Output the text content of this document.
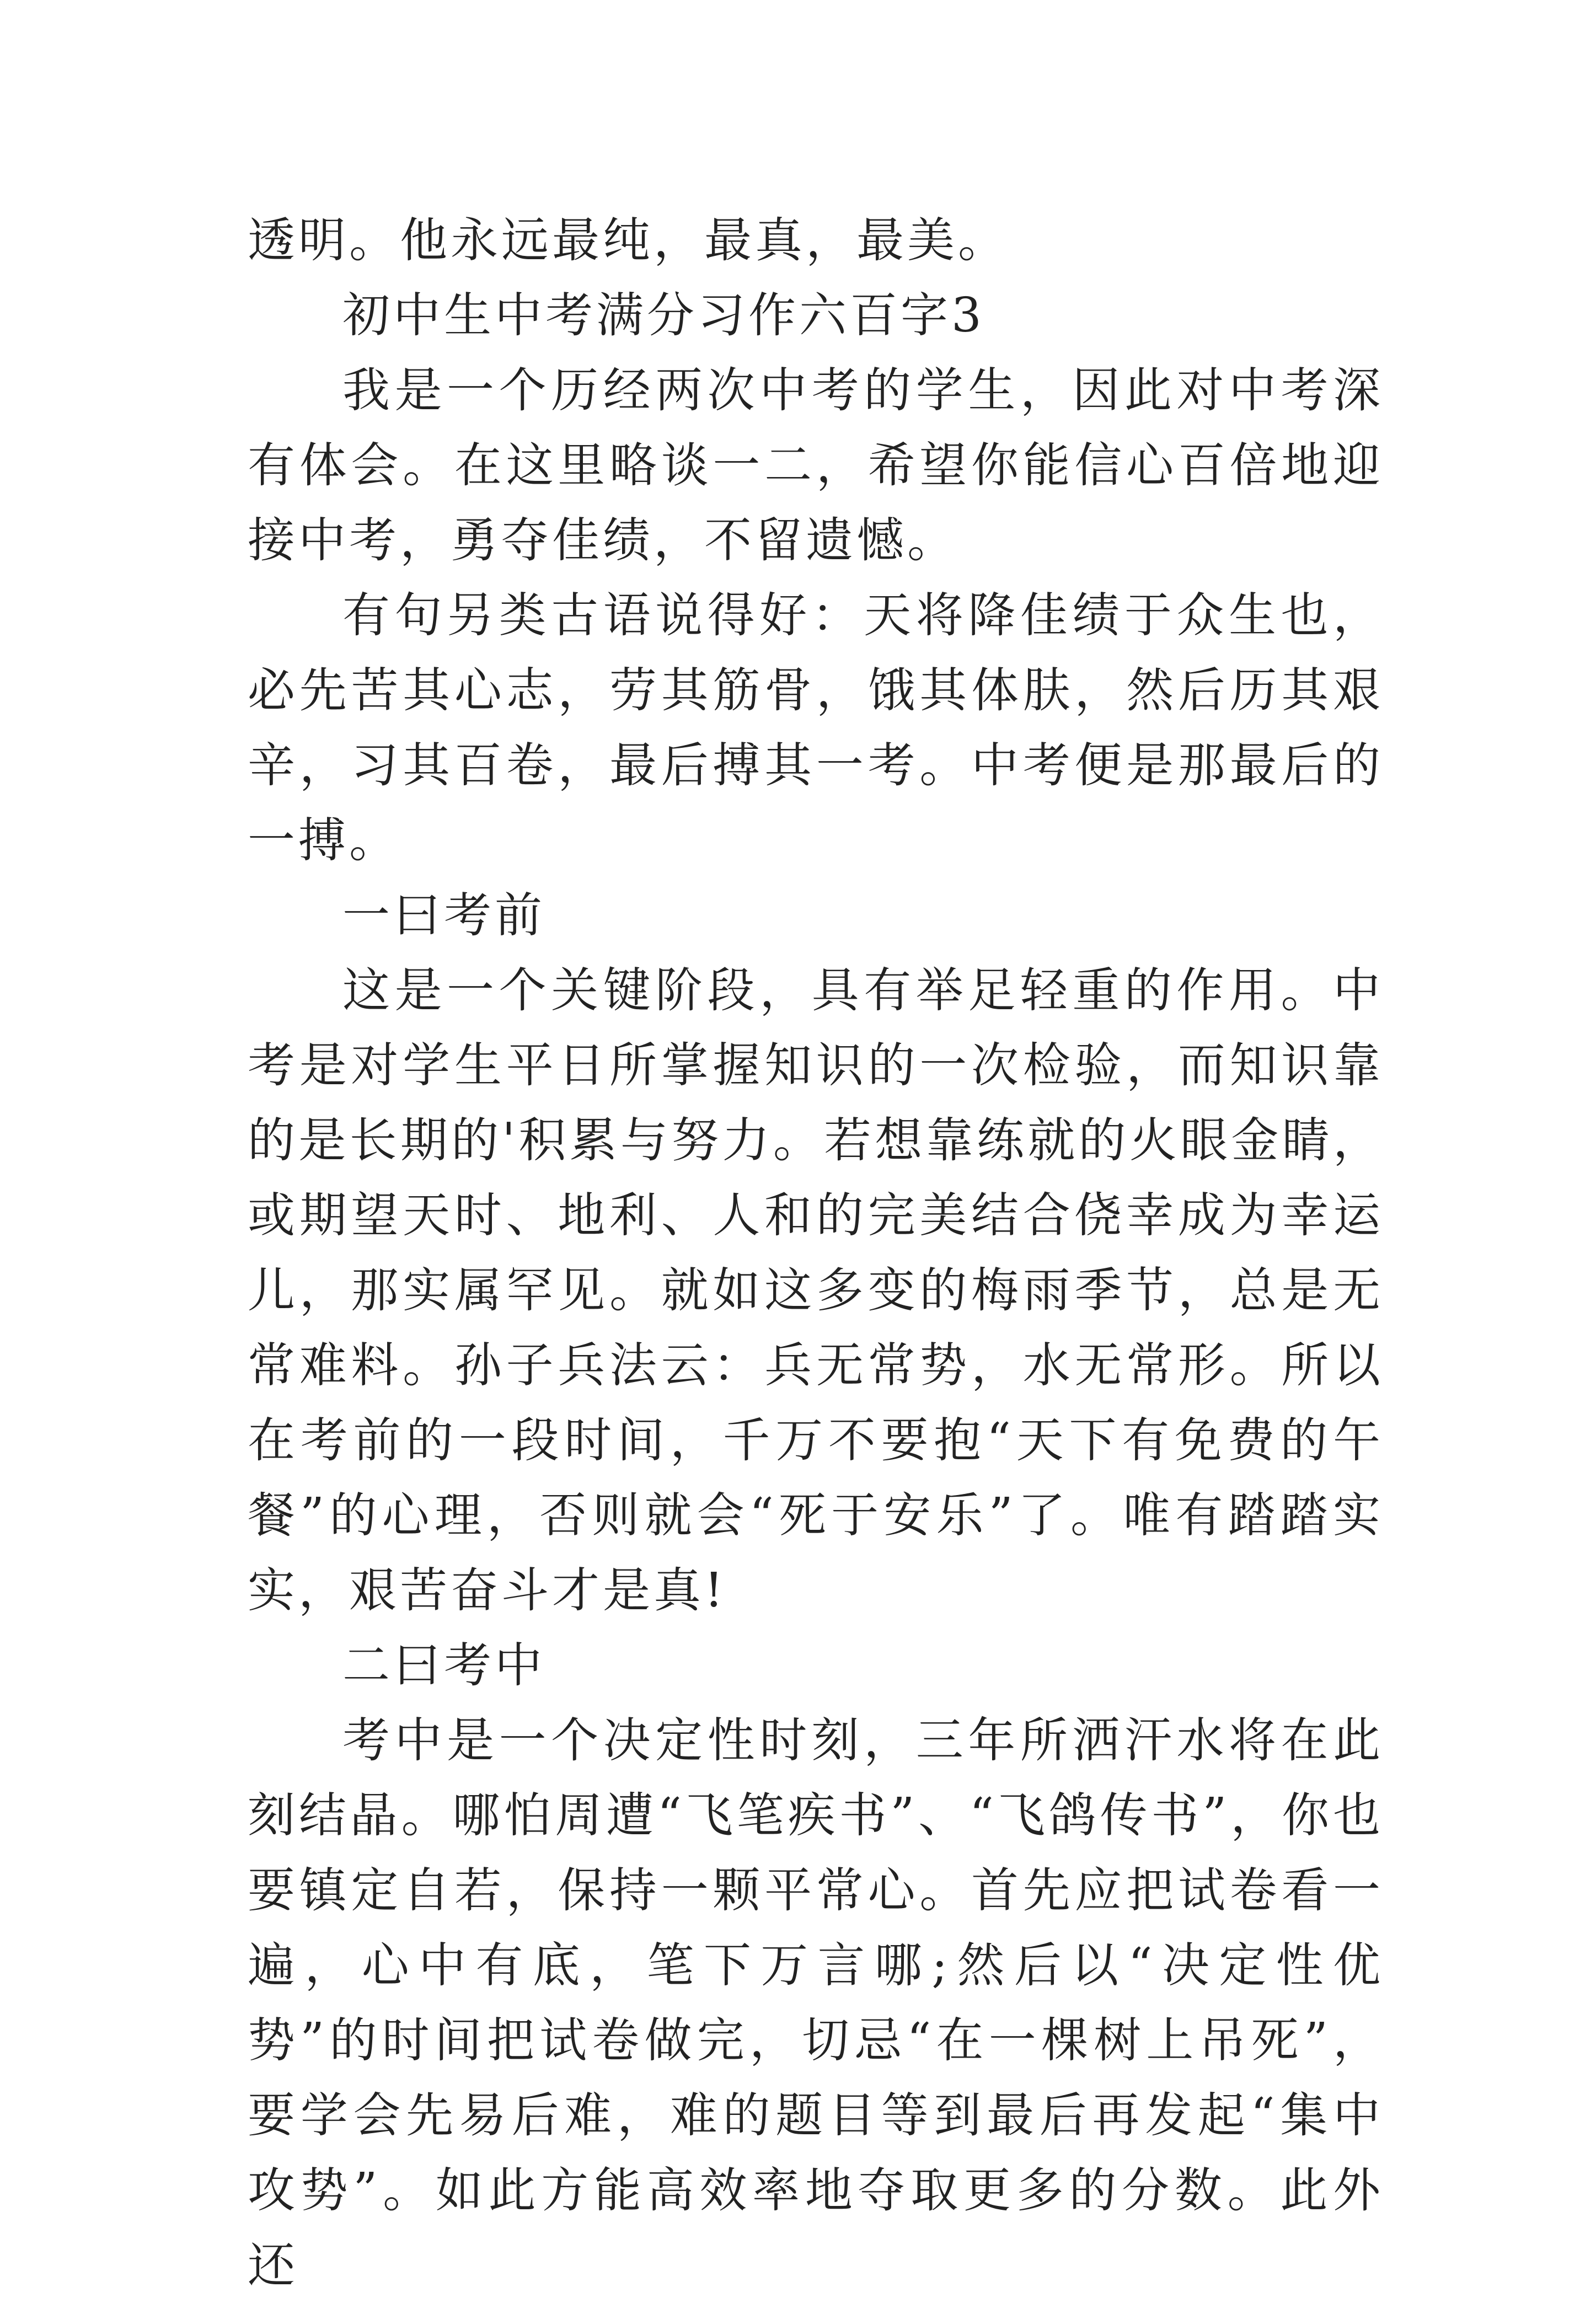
透明。他永远最纯，最真，最美。

初中生中考满分习作六百字3

我是一个历经两次中考的学生，因此对中考深有体会。在这里略谈一二，希望你能信心百倍地迎接中考，勇夺佳绩，不留遗憾。

有句另类古语说得好：天将降佳绩于众生也，必先苦其心志，劳其筋骨，饿其体肤，然后历其艰辛，习其百卷，最后搏其一考。中考便是那最后的一搏。

一曰考前

这是一个关键阶段，具有举足轻重的作用。中考是对学生平日所掌握知识的一次检验，而知识靠的是长期的'积累与努力。若想靠练就的火眼金睛，或期望天时、地利、人和的完美结合侥幸成为幸运儿，那实属罕见。就如这多变的梅雨季节，总是无常难料。孙子兵法云：兵无常势，水无常形。所以在考前的一段时间，千万不要抱“天下有免费的午餐”的心理，否则就会“死于安乐”了。唯有踏踏实实，艰苦奋斗才是真!

二曰考中

考中是一个决定性时刻，三年所洒汗水将在此刻结晶。哪怕周遭“飞笔疾书”、“飞鸽传书”，你也要镇定自若，保持一颗平常心。首先应把试卷看一遍，心中有底，笔下万言哪;然后以“决定性优势”的时间把试卷做完，切忌“在一棵树上吊死”，要学会先易后难，难的题目等到最后再发起“集中攻势”。如此方能高效率地夺取更多的分数。此外还
